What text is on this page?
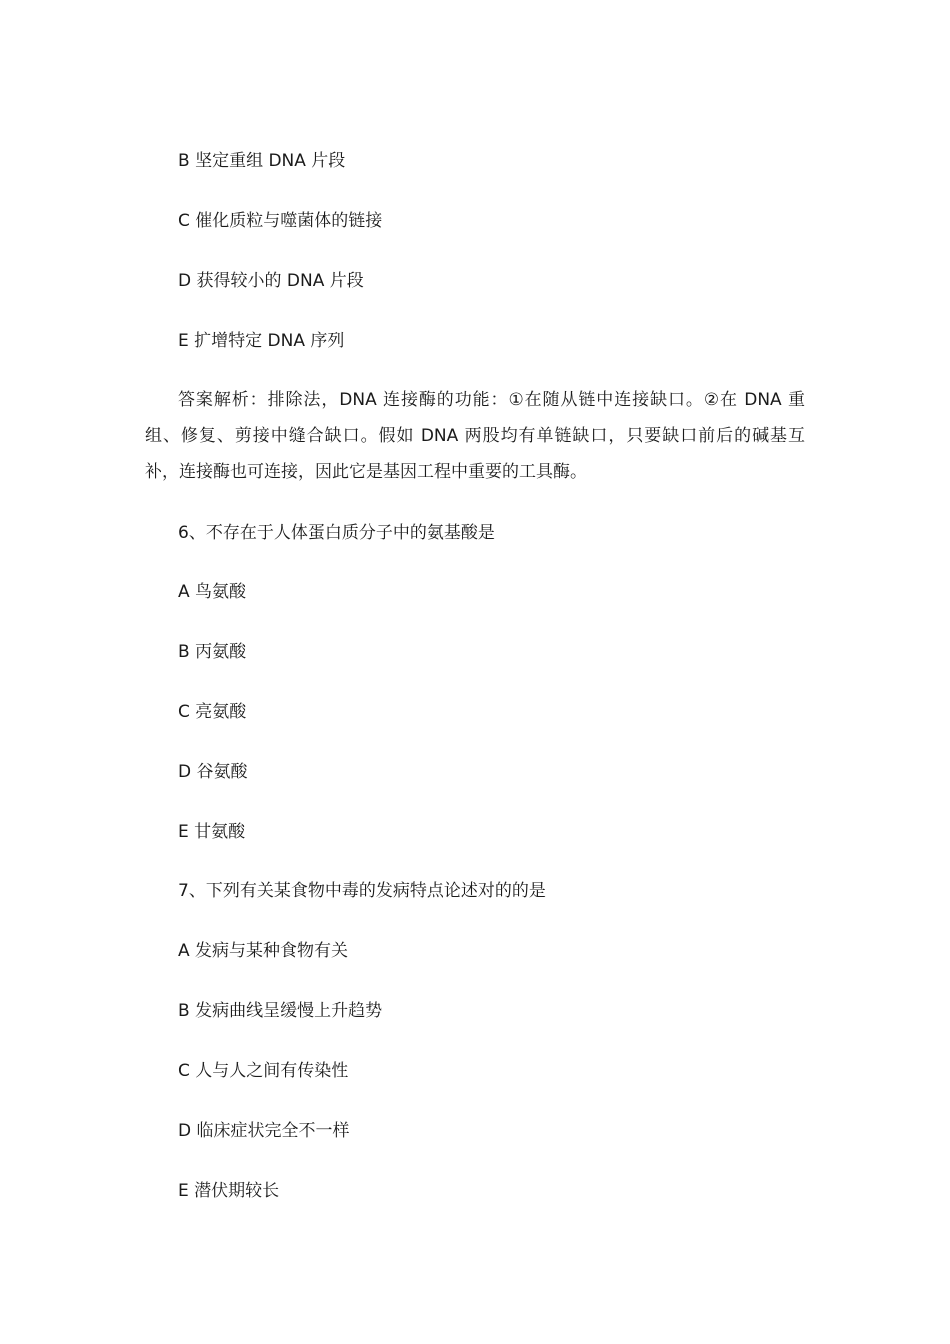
B 坚定重组 DNA 片段
C 催化质粒与噬菌体的链接
D 获得较小的 DNA 片段
E 扩增特定 DNA 序列
答案解析：排除法，DNA 连接酶的功能：①在随从链中连接缺口。②在 DNA 重组、修复、剪接中缝合缺口。假如 DNA 两股均有单链缺口，只要缺口前后的碱基互补，连接酶也可连接，因此它是基因工程中重要的工具酶。
6、不存在于人体蛋白质分子中的氨基酸是
A 鸟氨酸
B 丙氨酸
C 亮氨酸
D 谷氨酸
E 甘氨酸
7、下列有关某食物中毒的发病特点论述对的的是
A 发病与某种食物有关
B 发病曲线呈缓慢上升趋势
C 人与人之间有传染性
D 临床症状完全不一样
E 潜伏期较长
